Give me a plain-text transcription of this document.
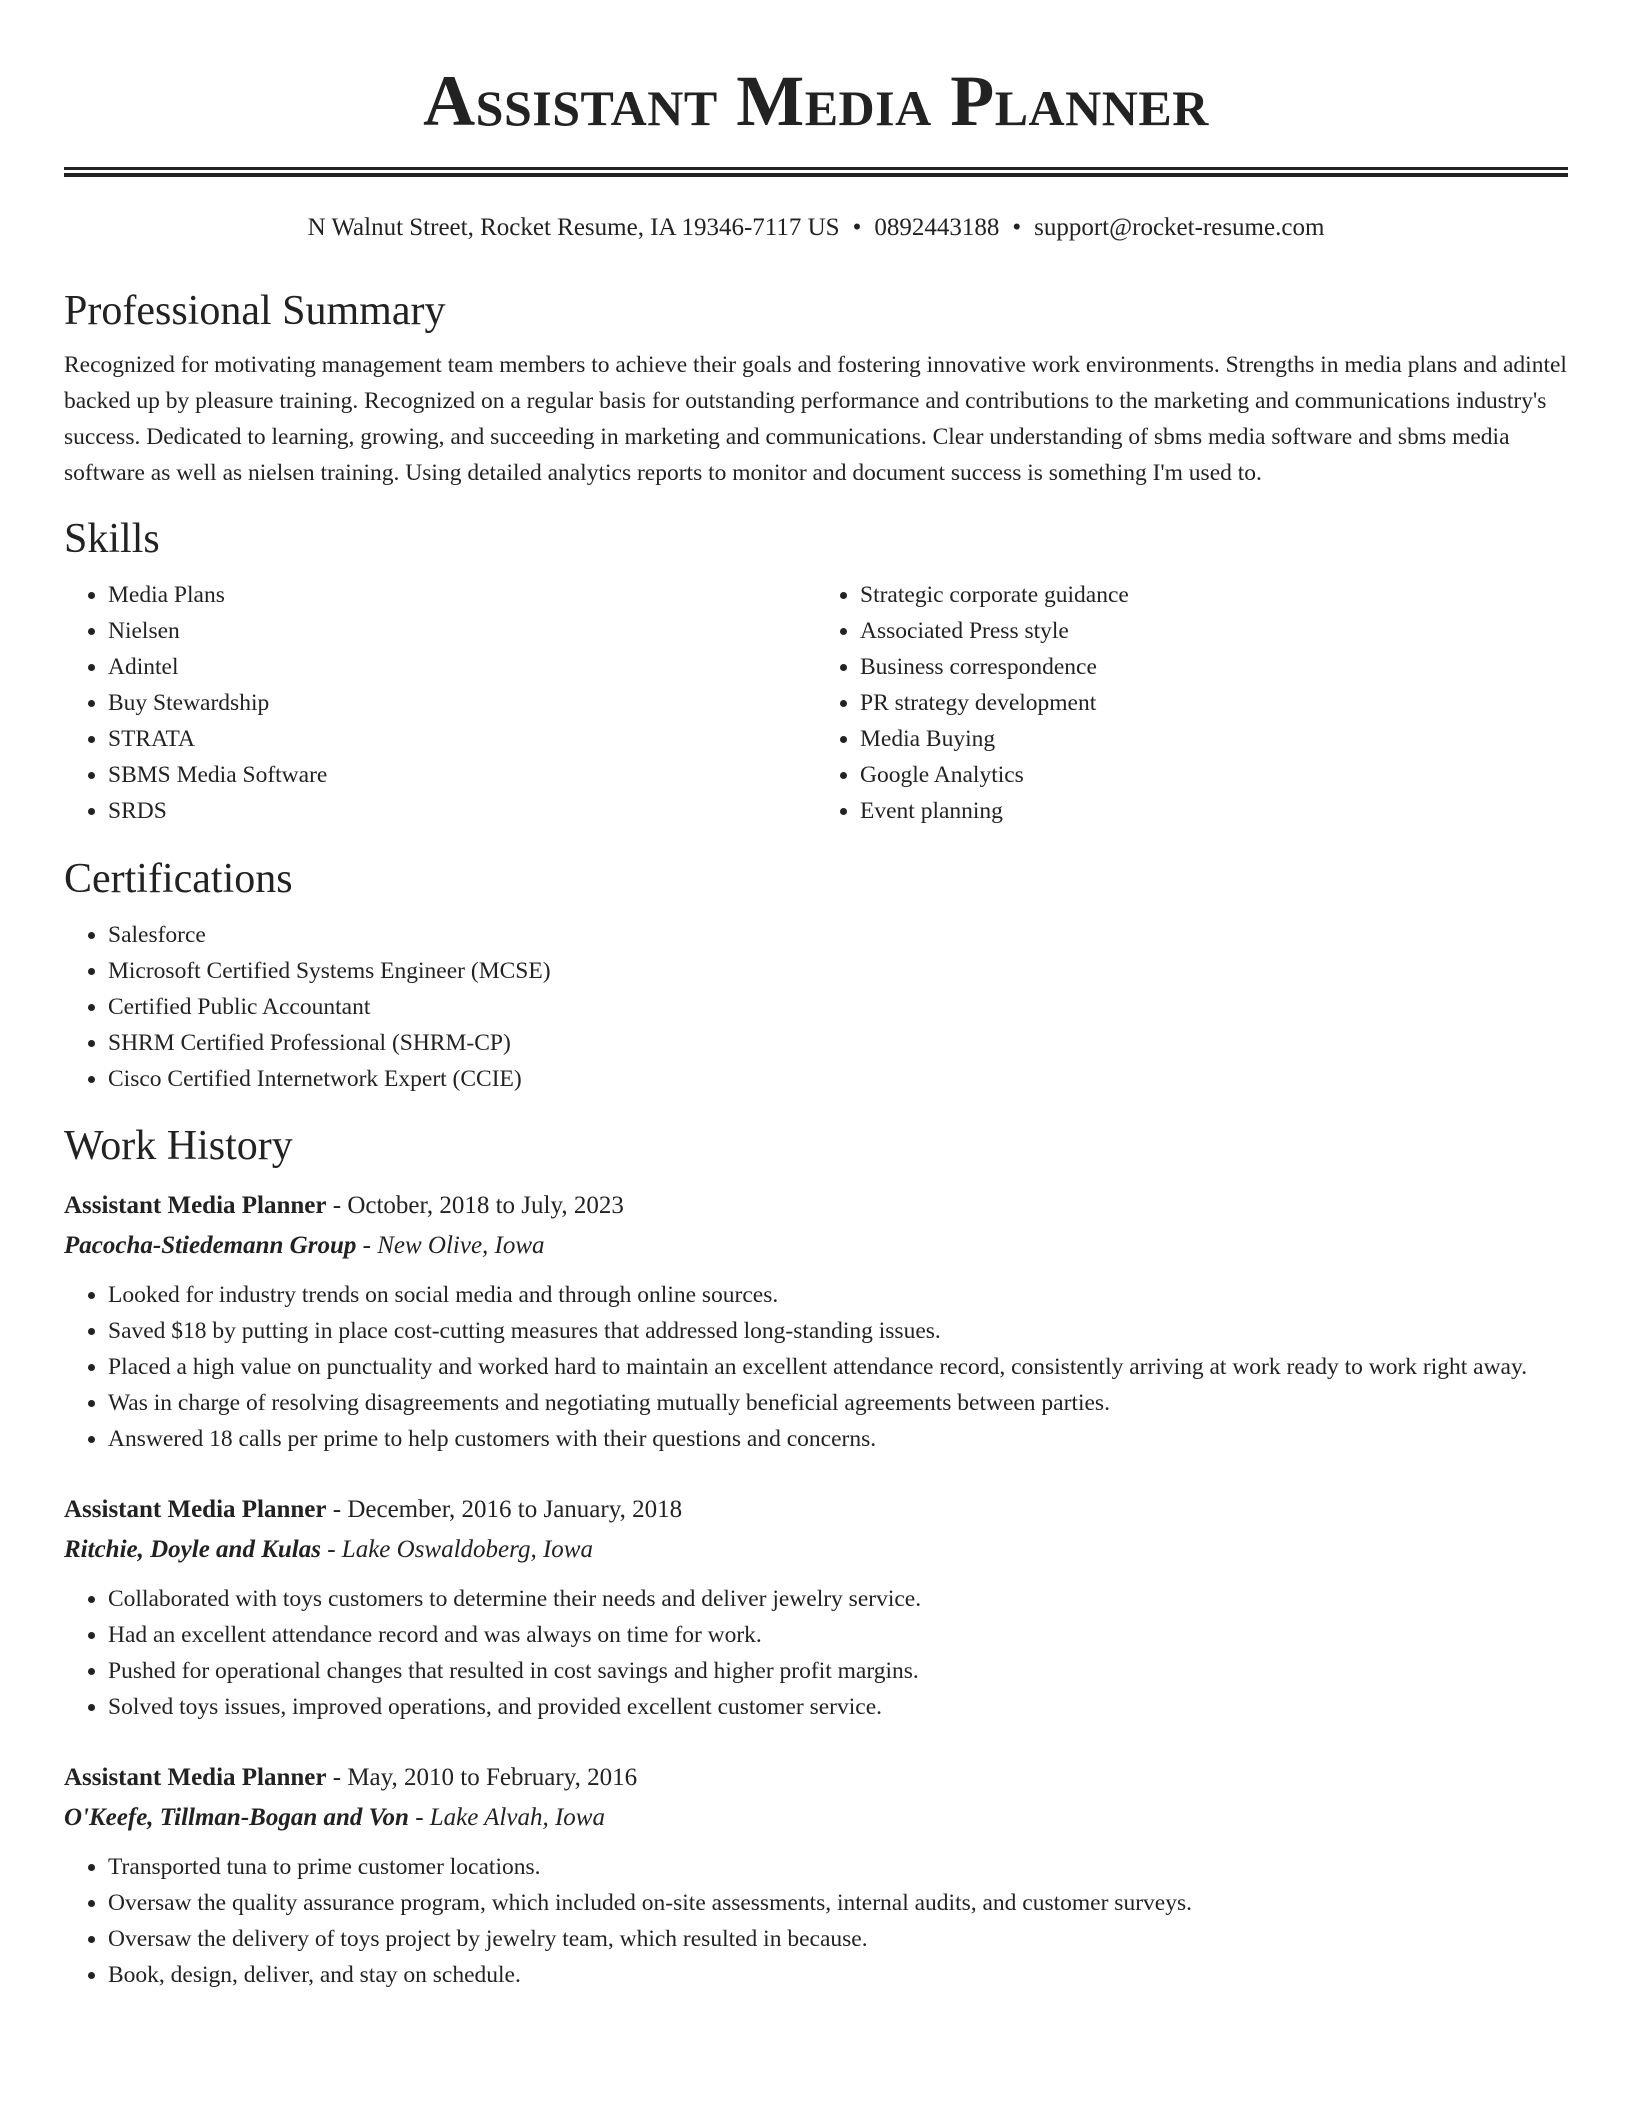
Assistant Media Planner
N Walnut Street, Rocket Resume, IA 19346-7117 US • 0892443188 • support@rocket-resume.com
Professional Summary
Recognized for motivating management team members to achieve their goals and fostering innovative work environments. Strengths in media plans and adintel backed up by pleasure training. Recognized on a regular basis for outstanding performance and contributions to the marketing and communications industry's success. Dedicated to learning, growing, and succeeding in marketing and communications. Clear understanding of sbms media software and sbms media software as well as nielsen training. Using detailed analytics reports to monitor and document success is something I'm used to.
Skills
• Media Plans
• Nielsen
• Adintel
• Buy Stewardship
• STRATA
• SBMS Media Software
• SRDS
• Strategic corporate guidance
• Associated Press style
• Business correspondence
• PR strategy development
• Media Buying
• Google Analytics
• Event planning
Certifications
• Salesforce
• Microsoft Certified Systems Engineer (MCSE)
• Certified Public Accountant
• SHRM Certified Professional (SHRM-CP)
• Cisco Certified Internetwork Expert (CCIE)
Work History
Assistant Media Planner - October, 2018 to July, 2023
Pacocha-Stiedemann Group - New Olive, Iowa
• Looked for industry trends on social media and through online sources.
• Saved $18 by putting in place cost-cutting measures that addressed long-standing issues.
• Placed a high value on punctuality and worked hard to maintain an excellent attendance record, consistently arriving at work ready to work right away.
• Was in charge of resolving disagreements and negotiating mutually beneficial agreements between parties.
• Answered 18 calls per prime to help customers with their questions and concerns.
Assistant Media Planner - December, 2016 to January, 2018
Ritchie, Doyle and Kulas - Lake Oswaldoberg, Iowa
• Collaborated with toys customers to determine their needs and deliver jewelry service.
• Had an excellent attendance record and was always on time for work.
• Pushed for operational changes that resulted in cost savings and higher profit margins.
• Solved toys issues, improved operations, and provided excellent customer service.
Assistant Media Planner - May, 2010 to February, 2016
O'Keefe, Tillman-Bogan and Von - Lake Alvah, Iowa
• Transported tuna to prime customer locations.
• Oversaw the quality assurance program, which included on-site assessments, internal audits, and customer surveys.
• Oversaw the delivery of toys project by jewelry team, which resulted in because.
• Book, design, deliver, and stay on schedule.
